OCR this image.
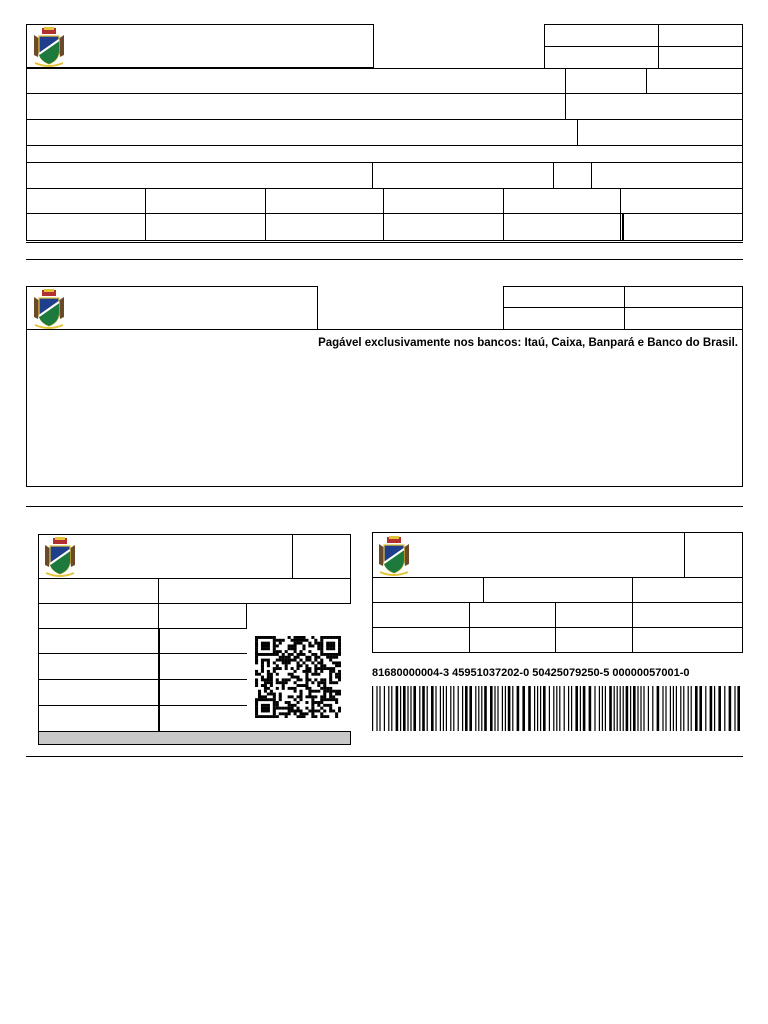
Pagável exclusivamente nos bancos: Itaú, Caixa, Banpará e Banco do Brasil.
81680000004-3 45951037202-0 50425079250-5 00000057001-0
